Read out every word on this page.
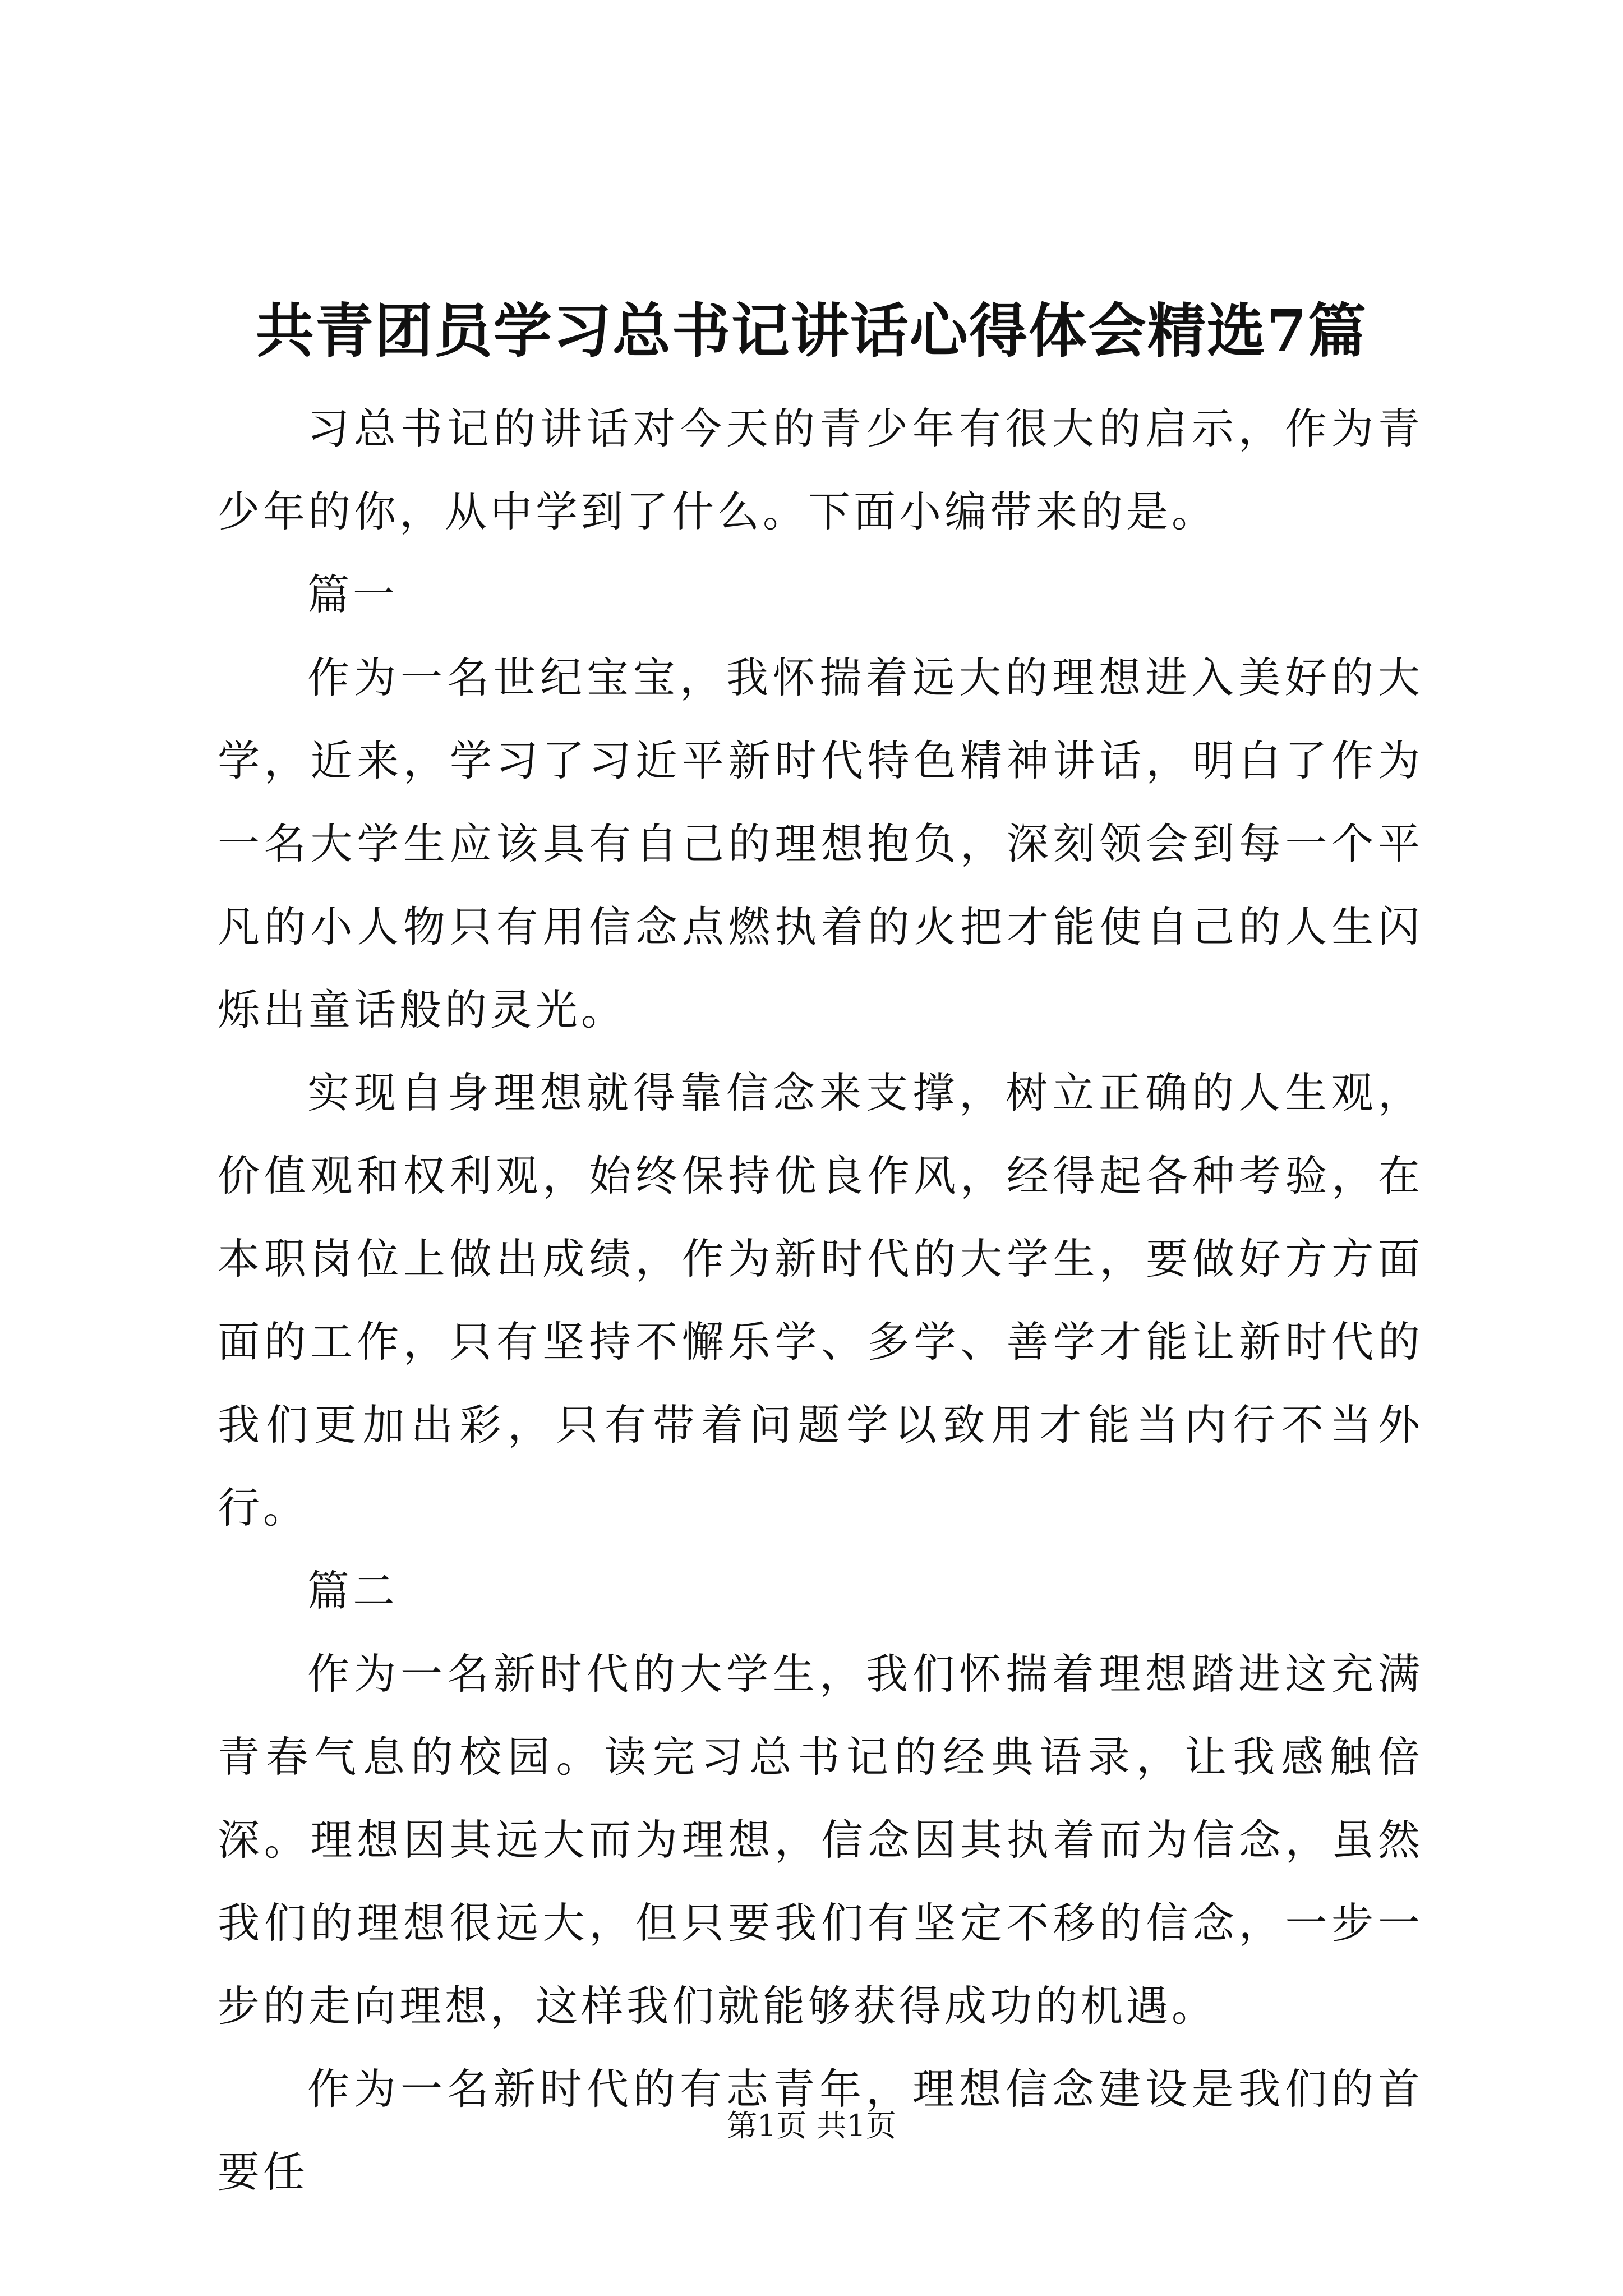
共青团员学习总书记讲话心得体会精选7篇

习总书记的讲话对今天的青少年有很大的启示，作为青少年的你，从中学到了什么。下面小编带来的是。

篇一

作为一名世纪宝宝，我怀揣着远大的理想进入美好的大学，近来，学习了习近平新时代特色精神讲话，明白了作为一名大学生应该具有自己的理想抱负，深刻领会到每一个平凡的小人物只有用信念点燃执着的火把才能使自己的人生闪烁出童话般的灵光。

实现自身理想就得靠信念来支撑，树立正确的人生观，价值观和权利观，始终保持优良作风，经得起各种考验，在本职岗位上做出成绩，作为新时代的大学生，要做好方方面面的工作，只有坚持不懈乐学、多学、善学才能让新时代的我们更加出彩，只有带着问题学以致用才能当内行不当外行。

篇二

作为一名新时代的大学生，我们怀揣着理想踏进这充满青春气息的校园。读完习总书记的经典语录，让我感触倍深。理想因其远大而为理想，信念因其执着而为信念，虽然我们的理想很远大，但只要我们有坚定不移的信念，一步一步的走向理想，这样我们就能够获得成功的机遇。

作为一名新时代的有志青年，理想信念建设是我们的首要任

第1页 共1页
